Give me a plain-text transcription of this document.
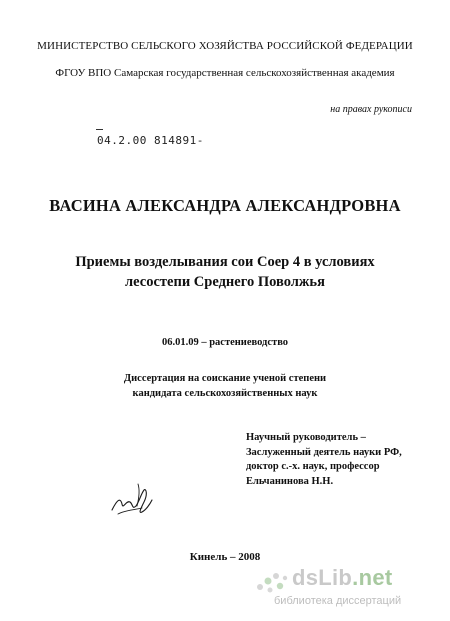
МИНИСТЕРСТВО СЕЛЬСКОГО ХОЗЯЙСТВА РОССИЙСКОЙ ФЕДЕРАЦИИ
ФГОУ ВПО Самарская государственная сельскохозяйственная академия
на правах рукописи
04.2.00 814891-
ВАСИНА АЛЕКСАНДРА АЛЕКСАНДРОВНА
Приемы возделывания сои Соер 4 в условиях
лесостепи Среднего Поволжья
06.01.09 – растениеводство
Диссертация на соискание ученой степени
кандидата сельскохозяйственных наук
Научный руководитель –
Заслуженный деятель науки РФ,
доктор с.-х. наук, профессор
Ельчанинова Н.Н.
Кинель – 2008
dsLib.net
библиотека диссертаций
